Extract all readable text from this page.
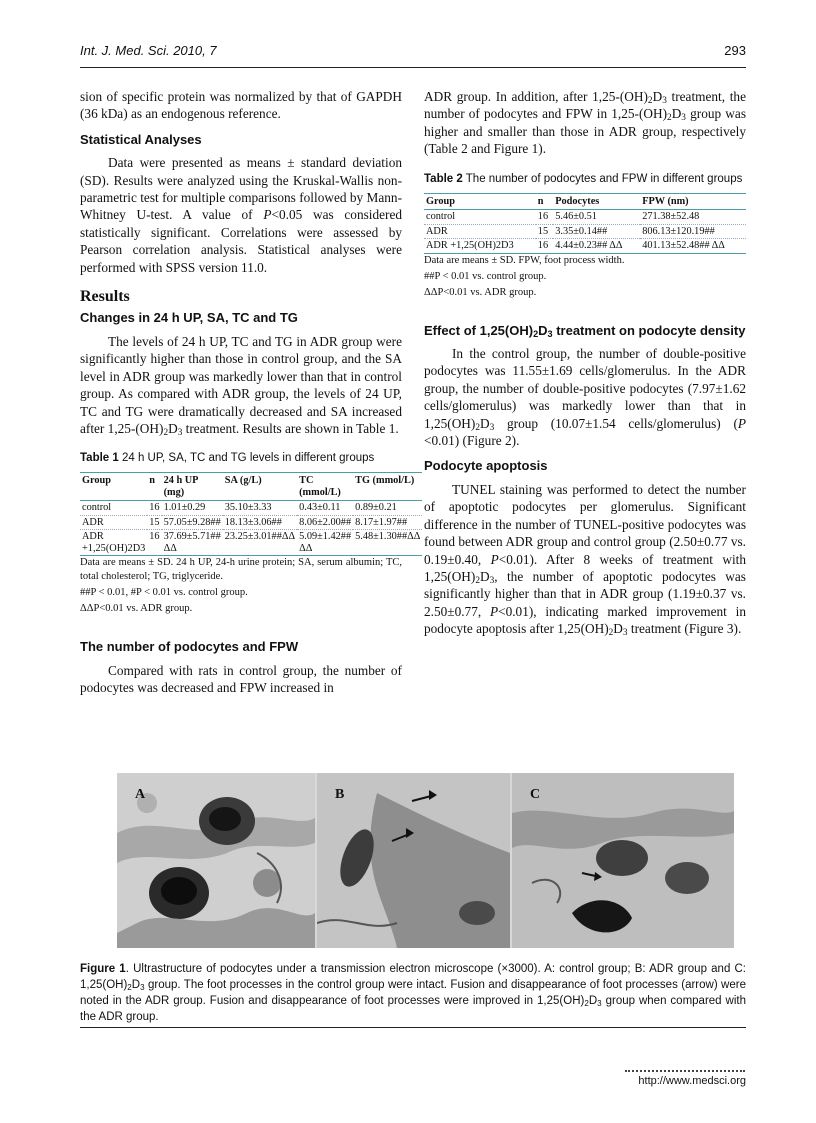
Int. J. Med. Sci. 2010, 7	293

sion of specific protein was normalized by that of GAPDH (36 kDa) as an endogenous reference.

Statistical Analyses

Data were presented as means ± standard deviation (SD). Results were analyzed using the Kruskal-Wallis non-parametric test for multiple comparisons followed by Mann-Whitney U-test. A value of P<0.05 was considered statistically significant. Correlations were assessed by Pearson correlation analysis. Statistical analyses were performed with SPSS version 11.0.

Results
Changes in 24 h UP, SA, TC and TG

The levels of 24 h UP, TC and TG in ADR group were significantly higher than those in control group, and the SA level in ADR group was markedly lower than that in control group. As compared with ADR group, the levels of 24 UP, TC and TG were dramatically decreased and SA increased after $1,25-(OH)_2D_3$ treatment. Results are shown in Table 1.

Table 1 24 h UP, SA, TC and TG levels in different groups
Group	n	24 h UP (mg)	SA (g/L)	TC (mmol/L)	TG (mmol/L)
control	16	1.01±0.29	35.10±3.33	0.43±0.11	0.89±0.21
ADR	15	57.05±9.28##	18.13±3.06##	8.06±2.00##	8.17±1.97##
ADR +1,25(OH)2D3	16	37.69±5.71## ΔΔ	23.25±3.01##ΔΔ	5.09±1.42## ΔΔ	5.48±1.30##ΔΔ

Data are means ± SD. 24 h UP, 24-h urine protein; SA, serum albumin; TC, total cholesterol; TG, triglyceride.

##P < 0.01, #P < 0.01 vs. control group.

ΔΔP<0.01 vs. ADR group.

The number of podocytes and FPW

Compared with rats in control group, the number of podocytes was decreased and FPW increased in

ADR group. In addition, after $1,25-(OH)_2D_3$ treatment, the number of podocytes and FPW in $1,25-(OH)_2D_3$ group was higher and smaller than those in ADR group, respectively (Table 2 and Figure 1).

Table 2 The number of podocytes and FPW in different groups
Group	n	Podocytes	FPW (nm)
control	16	5.46±0.51	271.38±52.48
ADR	15	3.35±0.14##	806.13±120.19##
ADR +1,25(OH)2D3	16	4.44±0.23## ΔΔ	401.13±52.48## ΔΔ

Data are means ± SD. FPW, foot process width.

##P < 0.01 vs. control group.

ΔΔP<0.01 vs. ADR group.

Effect of $1,25(OH)_2D_3$ treatment on podocyte density

In the control group, the number of double-positive podocytes was 11.55±1.69 cells/glomerulus. In the ADR group, the number of double-positive podocytes (7.97±1.62 cells/glomerulus) was markedly lower than that in $1,25(OH)_2D_3$ group (10.07±1.54 cells/glomerulus) (P <0.01) (Figure 2).

Podocyte apoptosis

TUNEL staining was performed to detect the number of apoptotic podocytes per glomerulus. Significant difference in the number of TUNEL-positive podocytes was found between ADR group and control group (2.50±0.77 vs. 0.19±0.40, P<0.01). After 8 weeks of treatment with $1,25(OH)_2D_3$, the number of apoptotic podocytes was significantly higher than that in ADR group (1.19±0.37 vs. 2.50±0.77, P<0.01), indicating marked improvement in podocyte apoptosis after $1,25(OH)_2D_3$ treatment (Figure 3).

A	B	C
Figure 1. Ultrastructure of podocytes under a transmission electron microscope (×3000). A: control group; B: ADR group and C: $1,25(OH)_2D_3$ group. The foot processes in the control group were intact. Fusion and disappearance of foot processes (arrow) were noted in the ADR group. Fusion and disappearance of foot processes were improved in $1,25(OH)_2D_3$ group when compared with the ADR group.
http://www.medsci.org
